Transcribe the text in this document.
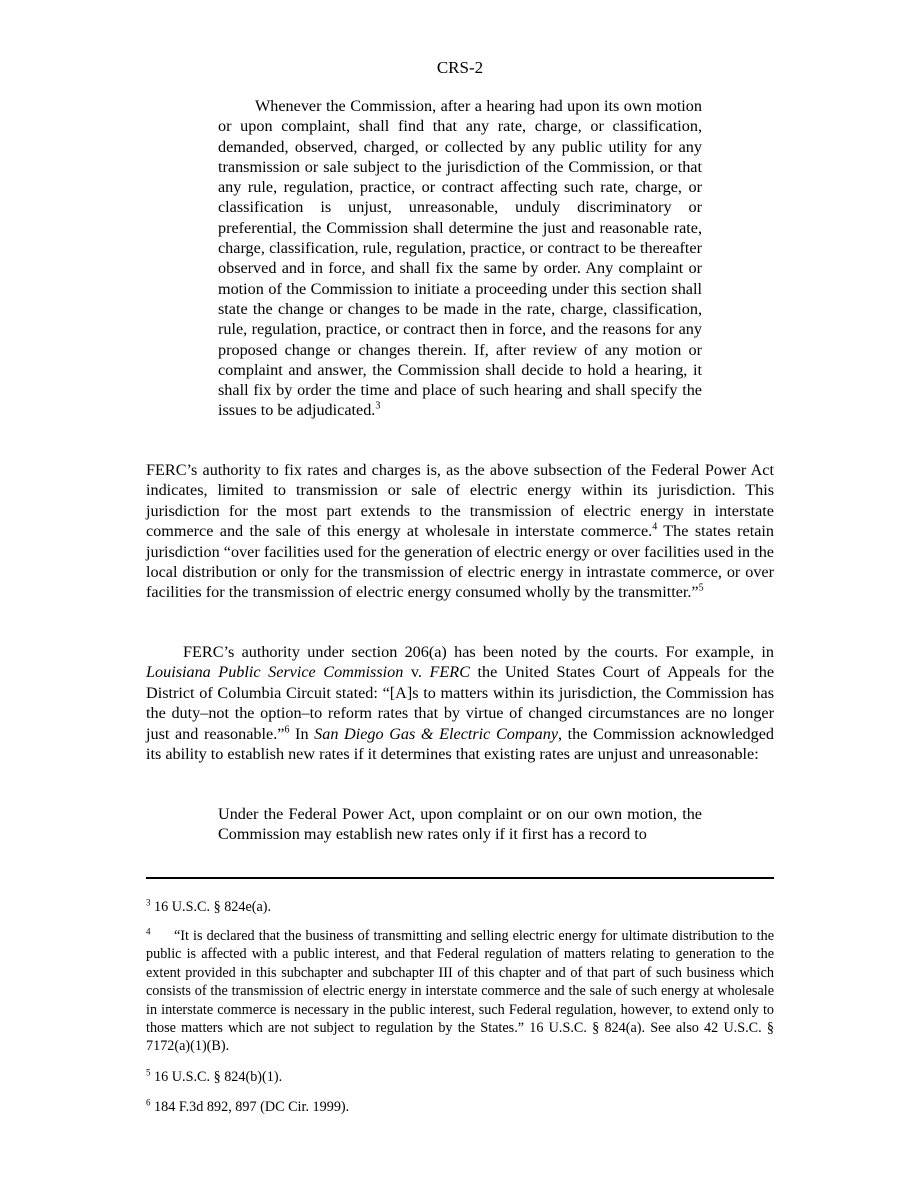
CRS-2
Whenever the Commission, after a hearing had upon its own motion or upon complaint, shall find that any rate, charge, or classification, demanded, observed, charged, or collected by any public utility for any transmission or sale subject to the jurisdiction of the Commission, or that any rule, regulation, practice, or contract affecting such rate, charge, or classification is unjust, unreasonable, unduly discriminatory or preferential, the Commission shall determine the just and reasonable rate, charge, classification, rule, regulation, practice, or contract to be thereafter observed and in force, and shall fix the same by order. Any complaint or motion of the Commission to initiate a proceeding under this section shall state the change or changes to be made in the rate, charge, classification, rule, regulation, practice, or contract then in force, and the reasons for any proposed change or changes therein. If, after review of any motion or complaint and answer, the Commission shall decide to hold a hearing, it shall fix by order the time and place of such hearing and shall specify the issues to be adjudicated.$^3$
FERC’s authority to fix rates and charges is, as the above subsection of the Federal Power Act indicates, limited to transmission or sale of electric energy within its jurisdiction. This jurisdiction for the most part extends to the transmission of electric energy in interstate commerce and the sale of this energy at wholesale in interstate commerce.$^4$ The states retain jurisdiction “over facilities used for the generation of electric energy or over facilities used in the local distribution or only for the transmission of electric energy in intrastate commerce, or over facilities for the transmission of electric energy consumed wholly by the transmitter.”$^5$
FERC’s authority under section 206(a) has been noted by the courts. For example, in Louisiana Public Service Commission v. FERC the United States Court of Appeals for the District of Columbia Circuit stated: “[A]s to matters within its jurisdiction, the Commission has the duty–not the option–to reform rates that by virtue of changed circumstances are no longer just and reasonable.”$^6$ In San Diego Gas & Electric Company, the Commission acknowledged its ability to establish new rates if it determines that existing rates are unjust and unreasonable:
Under the Federal Power Act, upon complaint or on our own motion, the Commission may establish new rates only if it first has a record to
$^3$ 16 U.S.C. § 824e(a).
$^4$ “It is declared that the business of transmitting and selling electric energy for ultimate distribution to the public is affected with a public interest, and that Federal regulation of matters relating to generation to the extent provided in this subchapter and subchapter III of this chapter and of that part of such business which consists of the transmission of electric energy in interstate commerce and the sale of such energy at wholesale in interstate commerce is necessary in the public interest, such Federal regulation, however, to extend only to those matters which are not subject to regulation by the States.” 16 U.S.C. § 824(a). See also 42 U.S.C. § 7172(a)(1)(B).
$^5$ 16 U.S.C. § 824(b)(1).
$^6$ 184 F.3d 892, 897 (DC Cir. 1999).
